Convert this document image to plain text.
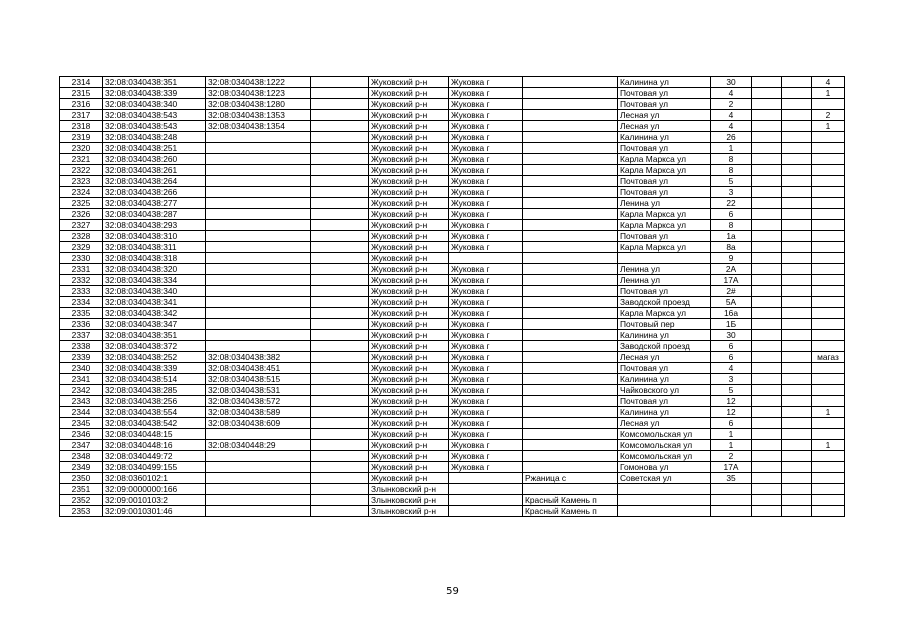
2314	32:08:0340438:351	32:08:0340438:1222		Жуковский р-н	Жуковка г		Калинина ул	30			4
2315	32:08:0340438:339	32:08:0340438:1223		Жуковский р-н	Жуковка г		Почтовая ул	4			1
2316	32:08:0340438:340	32:08:0340438:1280		Жуковский р-н	Жуковка г		Почтовая ул	2			
2317	32:08:0340438:543	32:08:0340438:1353		Жуковский р-н	Жуковка г		Лесная ул	4			2
2318	32:08:0340438:543	32:08:0340438:1354		Жуковский р-н	Жуковка г		Лесная ул	4			1
2319	32:08:0340438:248			Жуковский р-н	Жуковка г		Калинина ул	26			
2320	32:08:0340438:251			Жуковский р-н	Жуковка г		Почтовая ул	1			
2321	32:08:0340438:260			Жуковский р-н	Жуковка г		Карла Маркса ул	8			
2322	32:08:0340438:261			Жуковский р-н	Жуковка г		Карла Маркса ул	8			
2323	32:08:0340438:264			Жуковский р-н	Жуковка г		Почтовая ул	5			
2324	32:08:0340438:266			Жуковский р-н	Жуковка г		Почтовая ул	3			
2325	32:08:0340438:277			Жуковский р-н	Жуковка г		Ленина ул	22			
2326	32:08:0340438:287			Жуковский р-н	Жуковка г		Карла Маркса ул	6			
2327	32:08:0340438:293			Жуковский р-н	Жуковка г		Карла Маркса ул	8			
2328	32:08:0340438:310			Жуковский р-н	Жуковка г		Почтовая ул	1а			
2329	32:08:0340438:311			Жуковский р-н	Жуковка г		Карла Маркса ул	8а			
2330	32:08:0340438:318			Жуковский р-н				9			
2331	32:08:0340438:320			Жуковский р-н	Жуковка г		Ленина ул	2А			
2332	32:08:0340438:334			Жуковский р-н	Жуковка г		Ленина ул	17А			
2333	32:08:0340438:340			Жуковский р-н	Жуковка г		Почтовая ул	2#			
2334	32:08:0340438:341			Жуковский р-н	Жуковка г		Заводской проезд	5А			
2335	32:08:0340438:342			Жуковский р-н	Жуковка г		Карла Маркса ул	16а			
2336	32:08:0340438:347			Жуковский р-н	Жуковка г		Почтовый пер	1Б			
2337	32:08:0340438:351			Жуковский р-н	Жуковка г		Калинина ул	30			
2338	32:08:0340438:372			Жуковский р-н	Жуковка г		Заводской проезд	6			
2339	32:08:0340438:252	32:08:0340438:382		Жуковский р-н	Жуковка г		Лесная ул	6			магаз
2340	32:08:0340438:339	32:08:0340438:451		Жуковский р-н	Жуковка г		Почтовая ул	4			
2341	32:08:0340438:514	32:08:0340438:515		Жуковский р-н	Жуковка г		Калинина ул	3			
2342	32:08:0340438:285	32:08:0340438:531		Жуковский р-н	Жуковка г		Чайковского ул	5			
2343	32:08:0340438:256	32:08:0340438:572		Жуковский р-н	Жуковка г		Почтовая ул	12			
2344	32:08:0340438:554	32:08:0340438:589		Жуковский р-н	Жуковка г		Калинина ул	12			1
2345	32:08:0340438:542	32:08:0340438:609		Жуковский р-н	Жуковка г		Лесная ул	6			
2346	32:08:0340448:15			Жуковский р-н	Жуковка г		Комсомольская ул	1			
2347	32:08:0340448:16	32:08:0340448:29		Жуковский р-н	Жуковка г		Комсомольская ул	1			1
2348	32:08:0340449:72			Жуковский р-н	Жуковка г		Комсомольская ул	2			
2349	32:08:0340499:155			Жуковский р-н	Жуковка г		Гомонова ул	17А			
2350	32:08:0360102:1			Жуковский р-н		Ржаница с	Советская ул	35			
2351	32:09:0000000:166			Злынковский р-н							
2352	32:09:0010103:2			Злынковский р-н		Красный Камень п					
2353	32:09:0010301:46			Злынковский р-н		Красный Камень п					
59
